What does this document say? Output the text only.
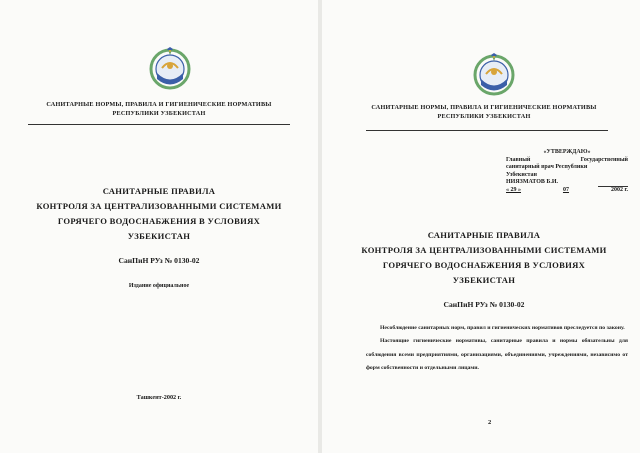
САНИТАРНЫЕ НОРМЫ, ПРАВИЛА И ГИГИЕНИЧЕСКИЕ НОРМАТИВЫ
РЕСПУБЛИКИ УЗБЕКИСТАН
САНИТАРНЫЕ ПРАВИЛА
КОНТРОЛЯ ЗА ЦЕНТРАЛИЗОВАННЫМИ СИСТЕМАМИ
ГОРЯЧЕГО ВОДОСНАБЖЕНИЯ В УСЛОВИЯХ
УЗБЕКИСТАН
СанПиН РУз № 0130-02
Издание официальное
Ташкент-2002 г.
САНИТАРНЫЕ НОРМЫ, ПРАВИЛА И ГИГИЕНИЧЕСКИЕ НОРМАТИВЫ
РЕСПУБЛИКИ УЗБЕКИСТАН
«УТВЕРЖДАЮ»
Главный	Государственный
санитарный врач Республики
Узбекистан
НИЯЗМАТОВ Б.И.
« 29 »	07	2002 г.
САНИТАРНЫЕ ПРАВИЛА
КОНТРОЛЯ ЗА ЦЕНТРАЛИЗОВАННЫМИ СИСТЕМАМИ
ГОРЯЧЕГО ВОДОСНАБЖЕНИЯ В УСЛОВИЯХ
УЗБЕКИСТАН
СанПиН РУз № 0130-02

Несоблюдение санитарных норм, правил и гигиенических нормативов преследуется по закону.

Настоящие гигиенические нормативы, санитарные правила и нормы обязательны для соблюдения всеми предприятиями, организациями, объединениями, учреждениями, независимо от форм собственности и отдельными лицами.

2
